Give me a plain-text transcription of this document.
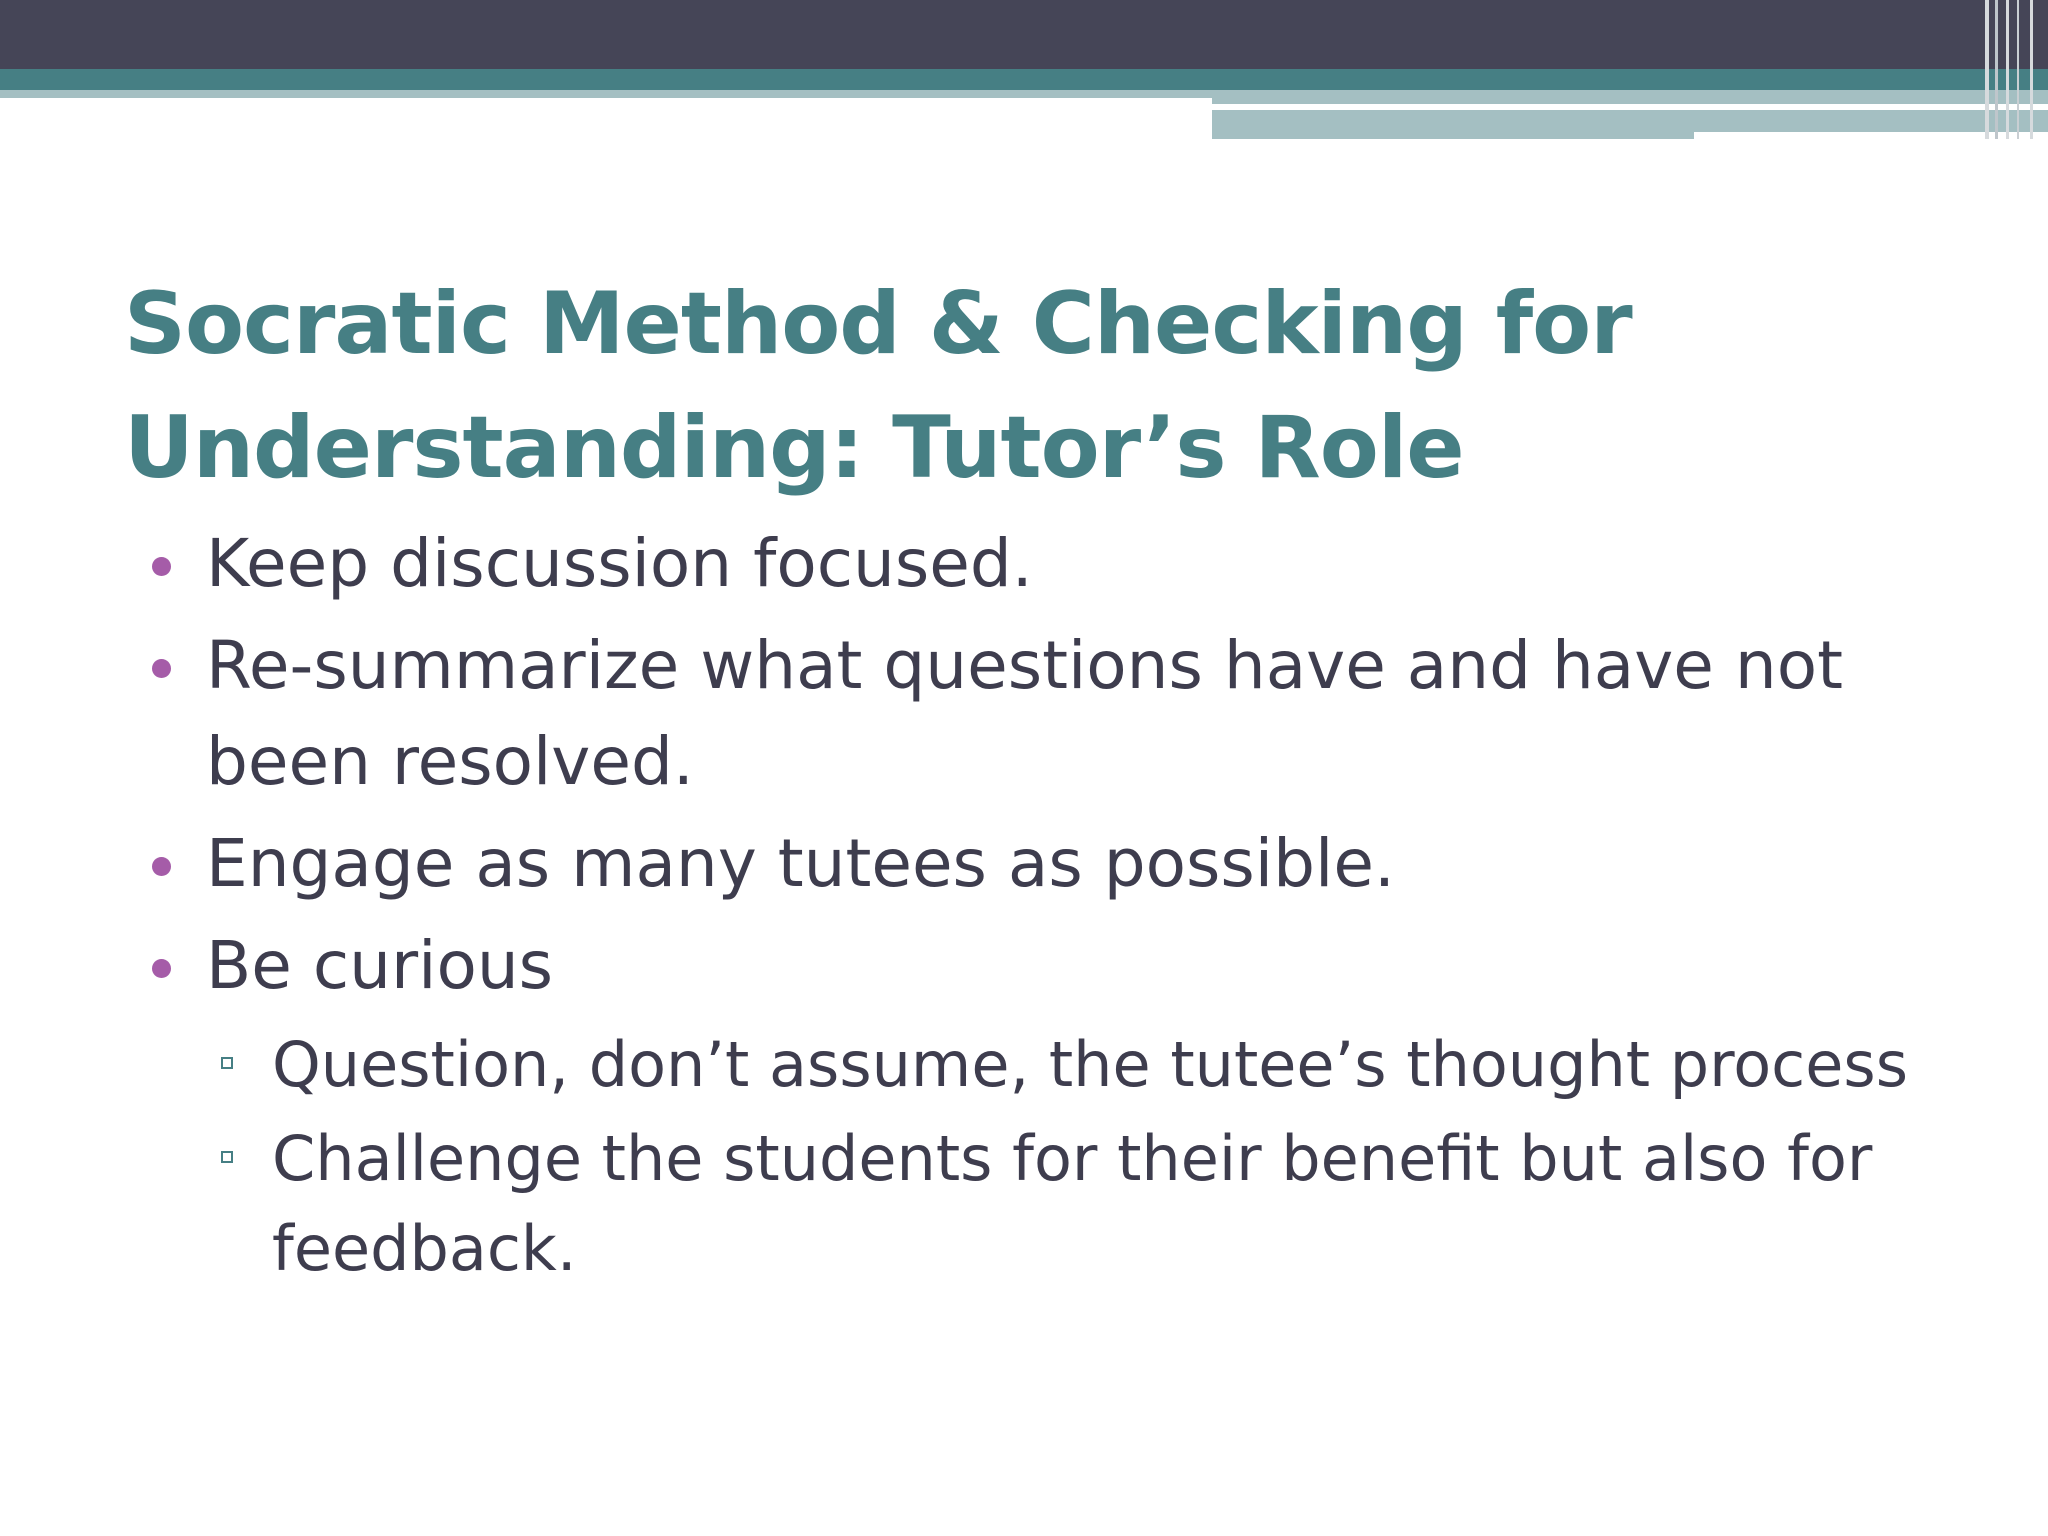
Socratic Method & Checking for
Understanding: Tutor’s Role
Keep discussion focused.
Re-summarize what questions have and have not
been resolved.
Engage as many tutees as possible.
Be curious
Question, don’t assume, the tutee’s thought process
Challenge the students for their benefit but also for
feedback.
